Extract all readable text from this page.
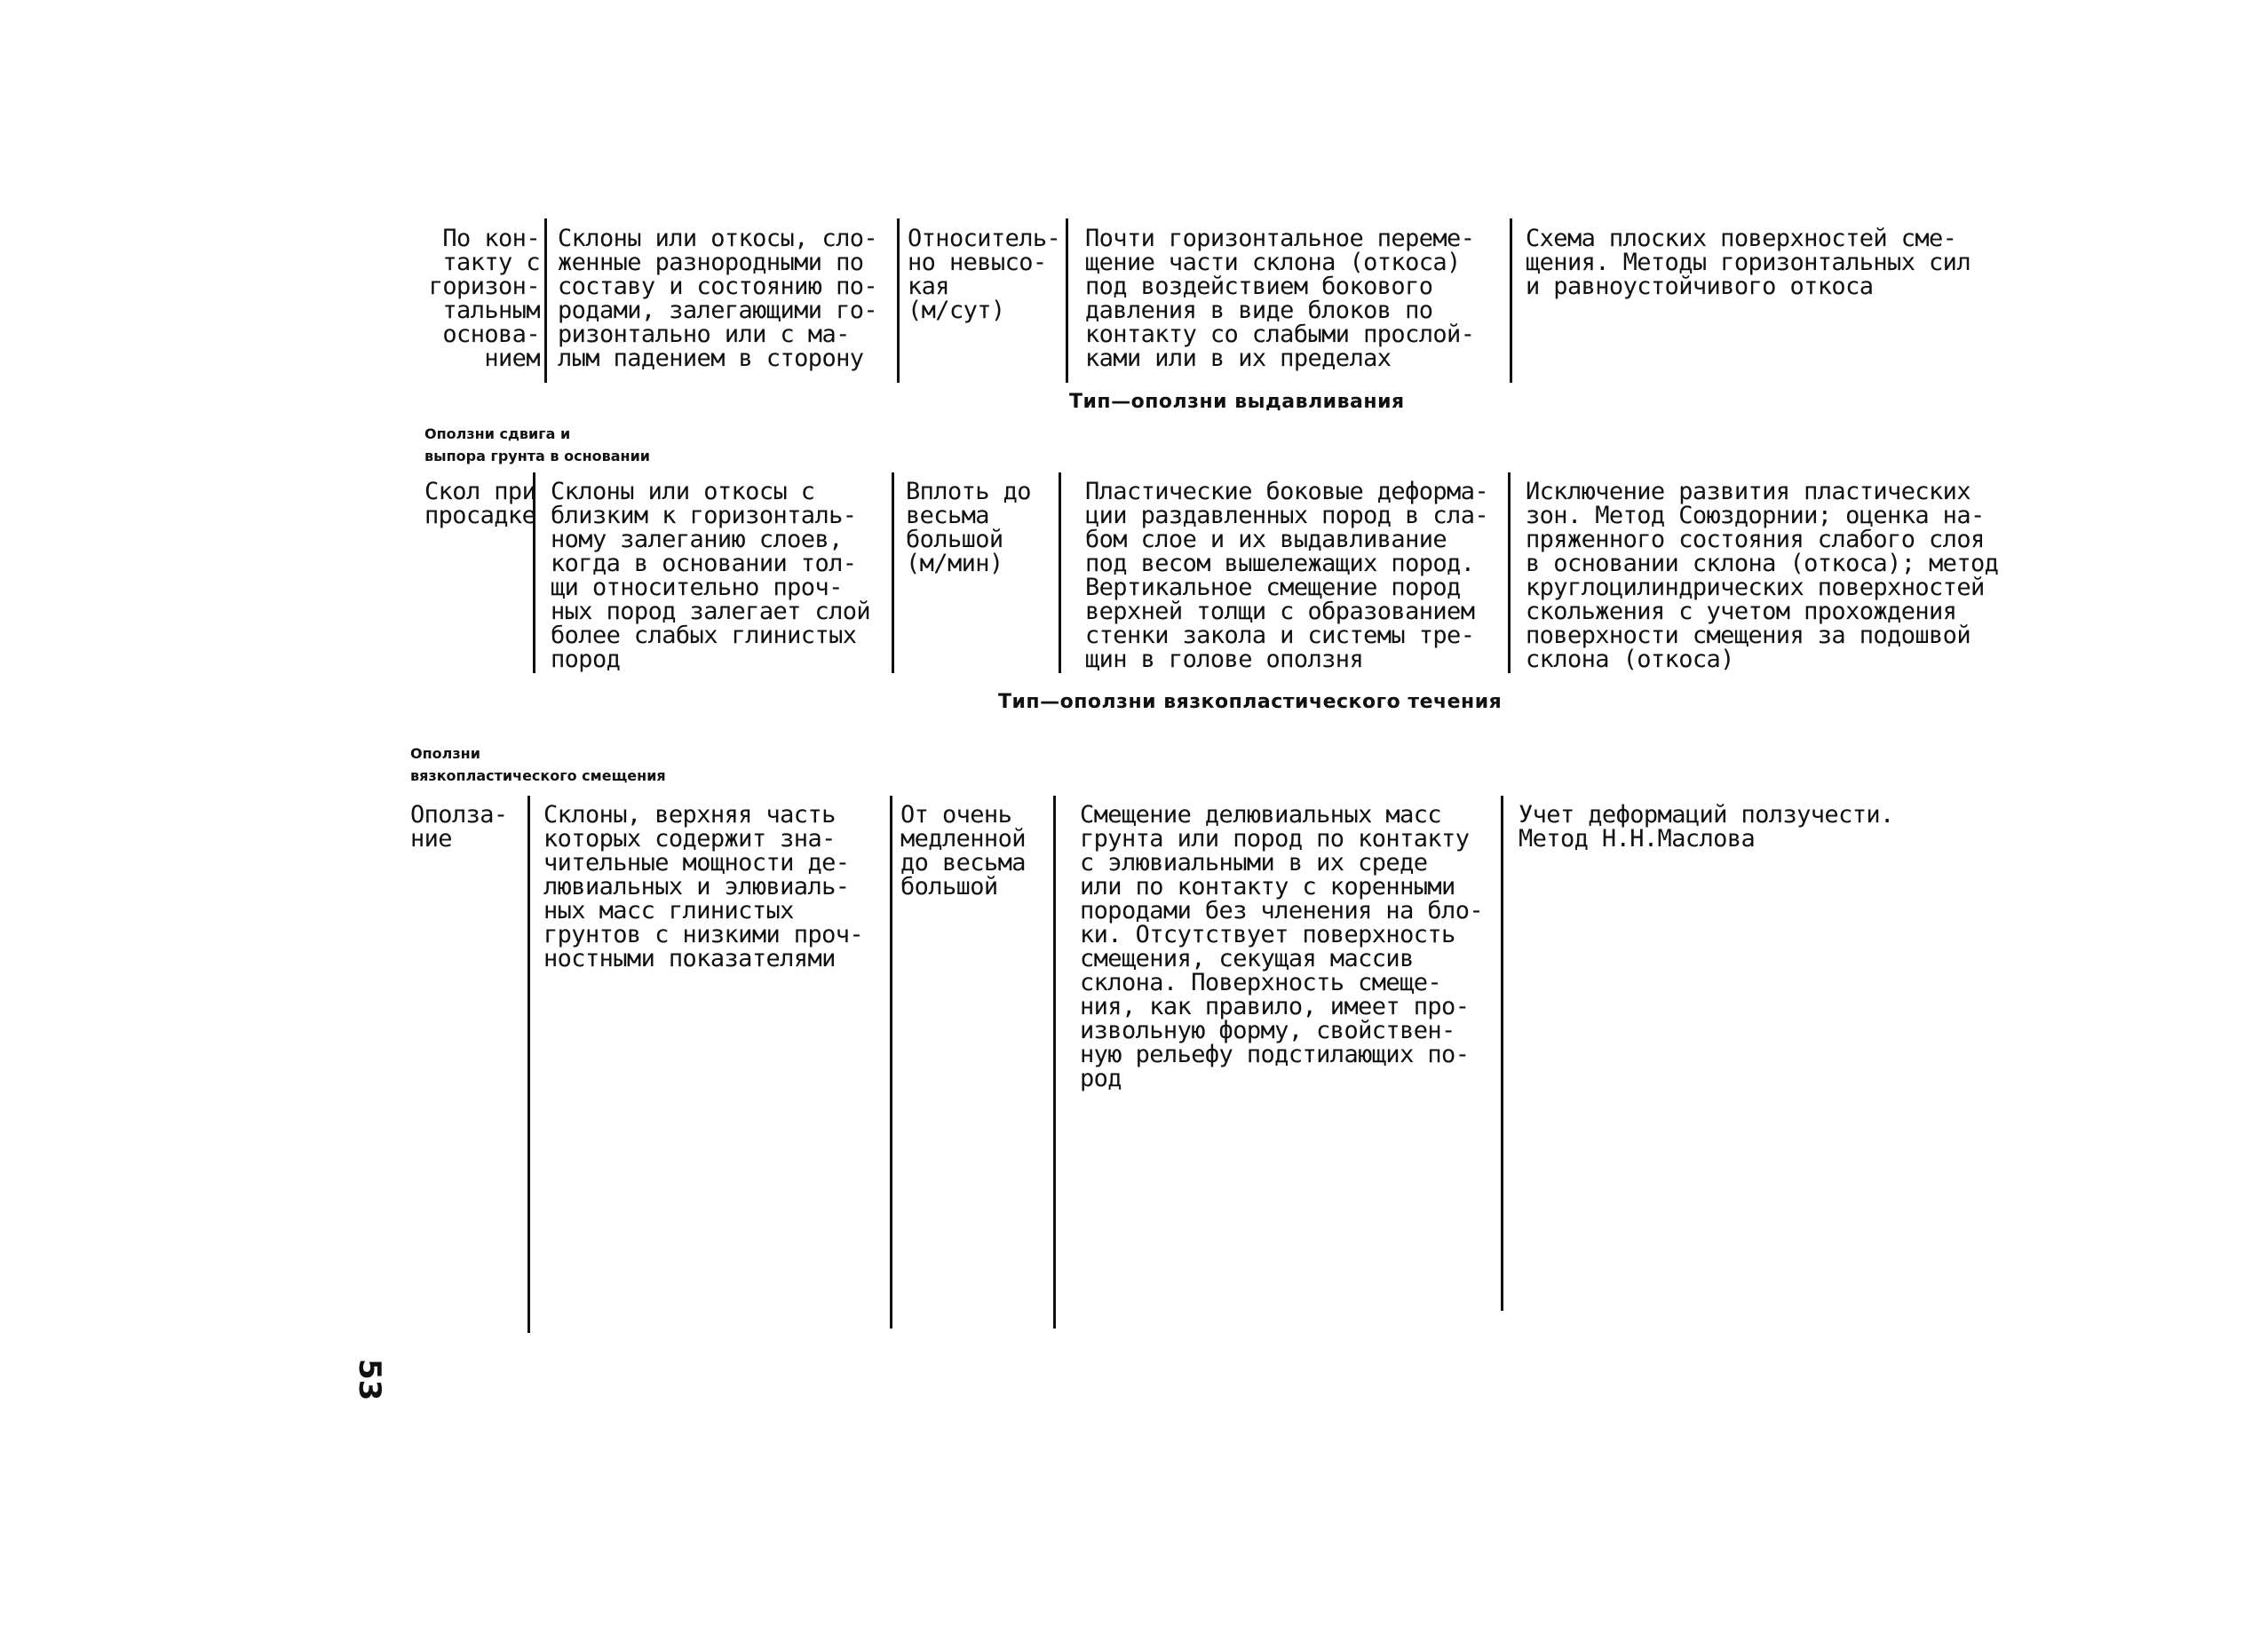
По кон-
такту с
горизон-
тальным
основа-
нием
Склоны или откосы, сло-
женные разнородными по
составу и состоянию по-
родами, залегающими го-
ризонтально или с ма-
лым падением в сторону
Относитель-
но невысо-
кая
(м/сут)
Почти горизонтальное переме-
щение части склона (откоса)
под воздействием бокового
давления в виде блоков по
контакту со слабыми прослой-
ками или в их пределах
Схема плоских поверхностей сме-
щения. Методы горизонтальных сил
и равноустойчивого откоса
Тип—оползни выдавливания
Оползни сдвига и
выпора грунта в основании
Скол при
просадке
Склоны или откосы с
близким к горизонталь-
ному залеганию слоев,
когда в основании тол-
щи относительно проч-
ных пород залегает слой
более слабых глинистых
пород
Вплоть до
весьма
большой
(м/мин)
Пластические боковые деформа-
ции раздавленных пород в сла-
бом слое и их выдавливание
под весом вышележащих пород.
Вертикальное смещение пород
верхней толщи с образованием
стенки закола и системы тре-
щин в голове оползня
Исключение развития пластических
зон. Метод Союздорнии; оценка на-
пряженного состояния слабого слоя
в основании склона (откоса); метод
круглоцилиндрических поверхностей
скольжения с учетом прохождения
поверхности смещения за подошвой
склона (откоса)
Тип—оползни вязкопластического течения
Оползни
вязкопластического смещения
Ополза-
ние
Склоны, верхняя часть
которых содержит зна-
чительные мощности де-
лювиальных и элювиаль-
ных масс глинистых
грунтов с низкими проч-
ностными показателями
От очень
медленной
до весьма
большой
Смещение делювиальных масс
грунта или пород по контакту
с элювиальными в их среде
или по контакту с коренными
породами без членения на бло-
ки. Отсутствует поверхность
смещения, секущая массив
склона. Поверхность смеще-
ния, как правило, имеет про-
извольную форму, свойствен-
ную рельефу подстилающих по-
род
Учет деформаций ползучести.
Метод Н.Н.Маслова
53
